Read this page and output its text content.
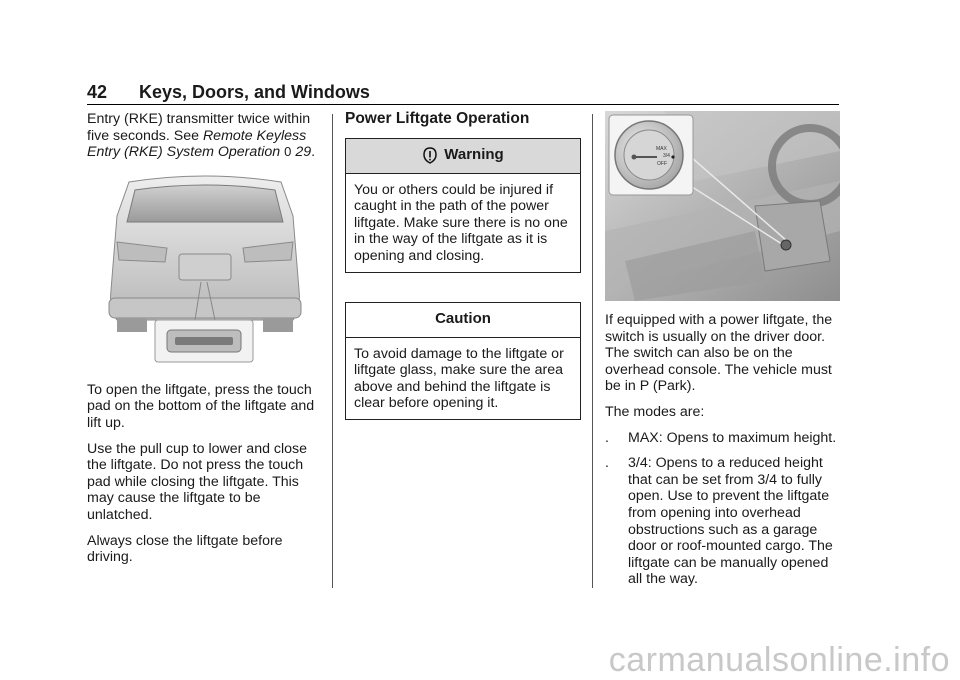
42	Keys, Doors, and Windows

Entry (RKE) transmitter twice within five seconds. See Remote Keyless Entry (RKE) System Operation 0 29.

To open the liftgate, press the touch pad on the bottom of the liftgate and lift up.

Use the pull cup to lower and close the liftgate. Do not press the touch pad while closing the liftgate. This may cause the liftgate to be unlatched.

Always close the liftgate before driving.

Power Liftgate Operation
Warning
You or others could be injured if caught in the path of the power liftgate. Make sure there is no one in the way of the liftgate as it is opening and closing.
Caution
To avoid damage to the liftgate or liftgate glass, make sure the area above and behind the liftgate is clear before opening it.
MAX
3/4
OFF

If equipped with a power liftgate, the switch is usually on the driver door. The switch can also be on the overhead console. The vehicle must be in P (Park).

The modes are:

.	MAX: Opens to maximum height.
.	3/4: Opens to a reduced height that can be set from 3/4 to fully open. Use to prevent the liftgate from opening into overhead obstructions such as a garage door or roof-mounted cargo. The liftgate can be manually opened all the way.
carmanualsonline.info
